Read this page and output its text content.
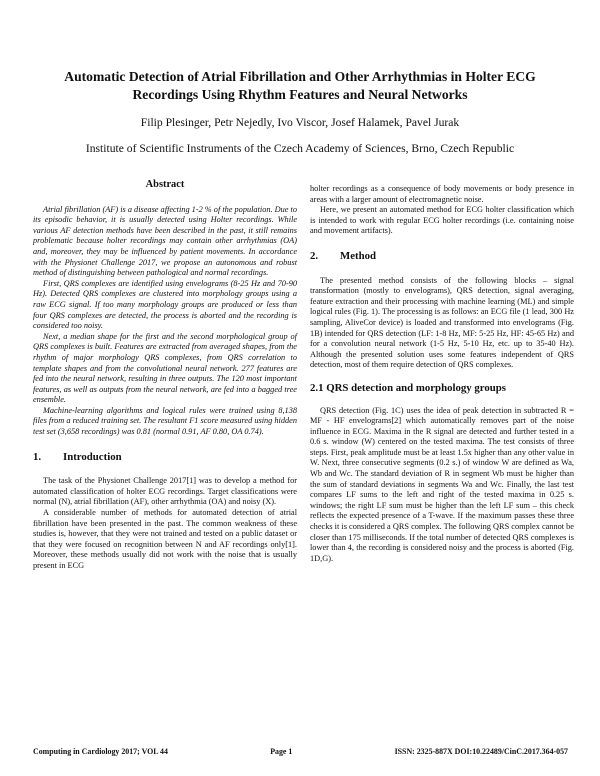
Automatic Detection of Atrial Fibrillation and Other Arrhythmias in Holter ECG Recordings Using Rhythm Features and Neural Networks
Filip Plesinger, Petr Nejedly, Ivo Viscor, Josef Halamek, Pavel Jurak
Institute of Scientific Instruments of the Czech Academy of Sciences, Brno, Czech Republic
Abstract

Atrial fibrillation (AF) is a disease affecting 1-2 % of the population. Due to its episodic behavior, it is usually detected using Holter recordings. While various AF detection methods have been described in the past, it still remains problematic because holter recordings may contain other arrhythmias (OA) and, moreover, they may be influenced by patient movements. In accordance with the Physionet Challenge 2017, we propose an autonomous and robust method of distinguishing between pathological and normal recordings.

First, QRS complexes are identified using envelograms (8-25 Hz and 70-90 Hz). Detected QRS complexes are clustered into morphology groups using a raw ECG signal. If too many morphology groups are produced or less than four QRS complexes are detected, the process is aborted and the recording is considered too noisy.

Next, a median shape for the first and the second morphological group of QRS complexes is built. Features are extracted from averaged shapes, from the rhythm of major morphology QRS complexes, from QRS correlation to template shapes and from the convolutional neural network. 277 features are fed into the neural network, resulting in three outputs. The 120 most important features, as well as outputs from the neural network, are fed into a bagged tree ensemble.

Machine-learning algorithms and logical rules were trained using 8,138 files from a reduced training set. The resultant F1 score measured using hidden test set (3,658 recordings) was 0.81 (normal 0.91, AF 0.80, OA 0.74).

1.	Introduction

The task of the Physionet Challenge 2017[1] was to develop a method for automated classification of holter ECG recordings. Target classifications were normal (N), atrial fibrillation (AF), other arrhythmia (OA) and noisy (X).

A considerable number of methods for automated detection of atrial fibrillation have been presented in the past. The common weakness of these studies is, however, that they were not trained and tested on a public dataset or that they were focused on recognition between N and AF recordings only[1]. Moreover, these methods usually did not work with the noise that is usually present in ECG

holter recordings as a consequence of body movements or body presence in areas with a larger amount of electromagnetic noise.

Here, we present an automated method for ECG holter classification which is intended to work with regular ECG holter recordings (i.e. containing noise and movement artifacts).

2.	Method

The presented method consists of the following blocks – signal transformation (mostly to envelograms), QRS detection, signal averaging, feature extraction and their processing with machine learning (ML) and simple logical rules (Fig. 1). The processing is as follows: an ECG file (1 lead, 300 Hz sampling, AliveCor device) is loaded and transformed into envelograms (Fig. 1B) intended for QRS detection (LF: 1-8 Hz, MF: 5-25 Hz, HF: 45-65 Hz) and for a convolution neural network (1-5 Hz, 5-10 Hz, etc. up to 35-40 Hz). Although the presented solution uses some features independent of QRS detection, most of them require detection of QRS complexes.

2.1 QRS detection and morphology groups

QRS detection (Fig. 1C) uses the idea of peak detection in subtracted R = MF - HF envelograms[2] which automatically removes part of the noise influence in ECG. Maxima in the R signal are detected and further tested in a 0.6 s. window (W) centered on the tested maxima. The test consists of three steps. First, peak amplitude must be at least 1.5x higher than any other value in W. Next, three consecutive segments (0.2 s.) of window W are defined as Wa, Wb and Wc. The standard deviation of R in segment Wb must be higher than the sum of standard deviations in segments Wa and Wc. Finally, the last test compares LF sums to the left and right of the tested maxima in 0.25 s. windows; the right LF sum must be higher than the left LF sum – this check reflects the expected presence of a T-wave. If the maximum passes these three checks it is considered a QRS complex. The following QRS complex cannot be closer than 175 milliseconds. If the total number of detected QRS complexes is lower than 4, the recording is considered noisy and the process is aborted (Fig. 1D,G).

Computing in Cardiology 2017; VOL 44	Page 1	ISSN: 2325-887X DOI:10.22489/CinC.2017.364-057
